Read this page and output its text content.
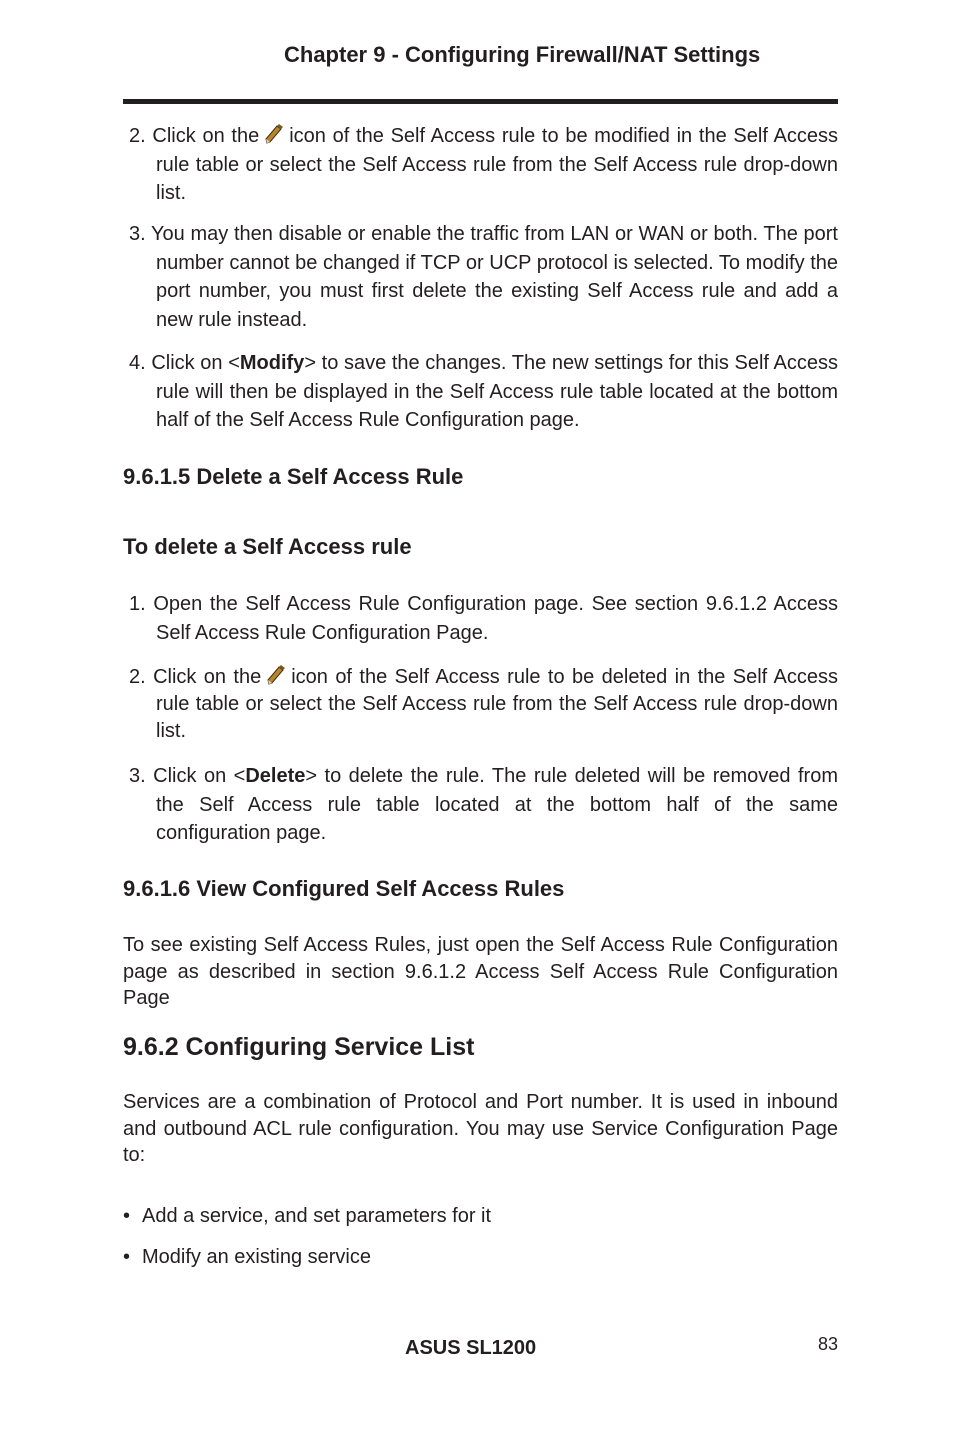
Chapter 9 - Configuring Firewall/NAT Settings
2. Click on the icon of the Self Access rule to be modified in the Self Access rule table or select the Self Access rule from the Self Access rule drop-down list.
3. You may then disable or enable the traffic from LAN or WAN or both. The port number cannot be changed if TCP or UCP protocol is selected. To modify the port number, you must first delete the existing Self Access rule and add a new rule instead.
4. Click on <Modify> to save the changes. The new settings for this Self Access rule will then be displayed in the Self Access rule table located at the bottom half of the Self Access Rule Configuration page.
9.6.1.5 Delete a Self Access Rule
To delete a Self Access rule
1. Open the Self Access Rule Configuration page. See section 9.6.1.2 Access Self Access Rule Configuration Page.
2. Click on the icon of the Self Access rule to be deleted in the Self Access rule table or select the Self Access rule from the Self Access rule drop-down list.
3. Click on <Delete> to delete the rule. The rule deleted will be removed from the Self Access rule table located at the bottom half of the same configuration page.
9.6.1.6 View Configured Self Access Rules
To see existing Self Access Rules, just open the Self Access Rule Configuration page as described in section 9.6.1.2 Access Self Access Rule Configuration Page
9.6.2 Configuring Service List
Services are a combination of Protocol and Port number. It is used in inbound and outbound ACL rule configuration. You may use Service Configuration Page to:
• Add a service, and set parameters for it
• Modify an existing service
ASUS SL1200	83
